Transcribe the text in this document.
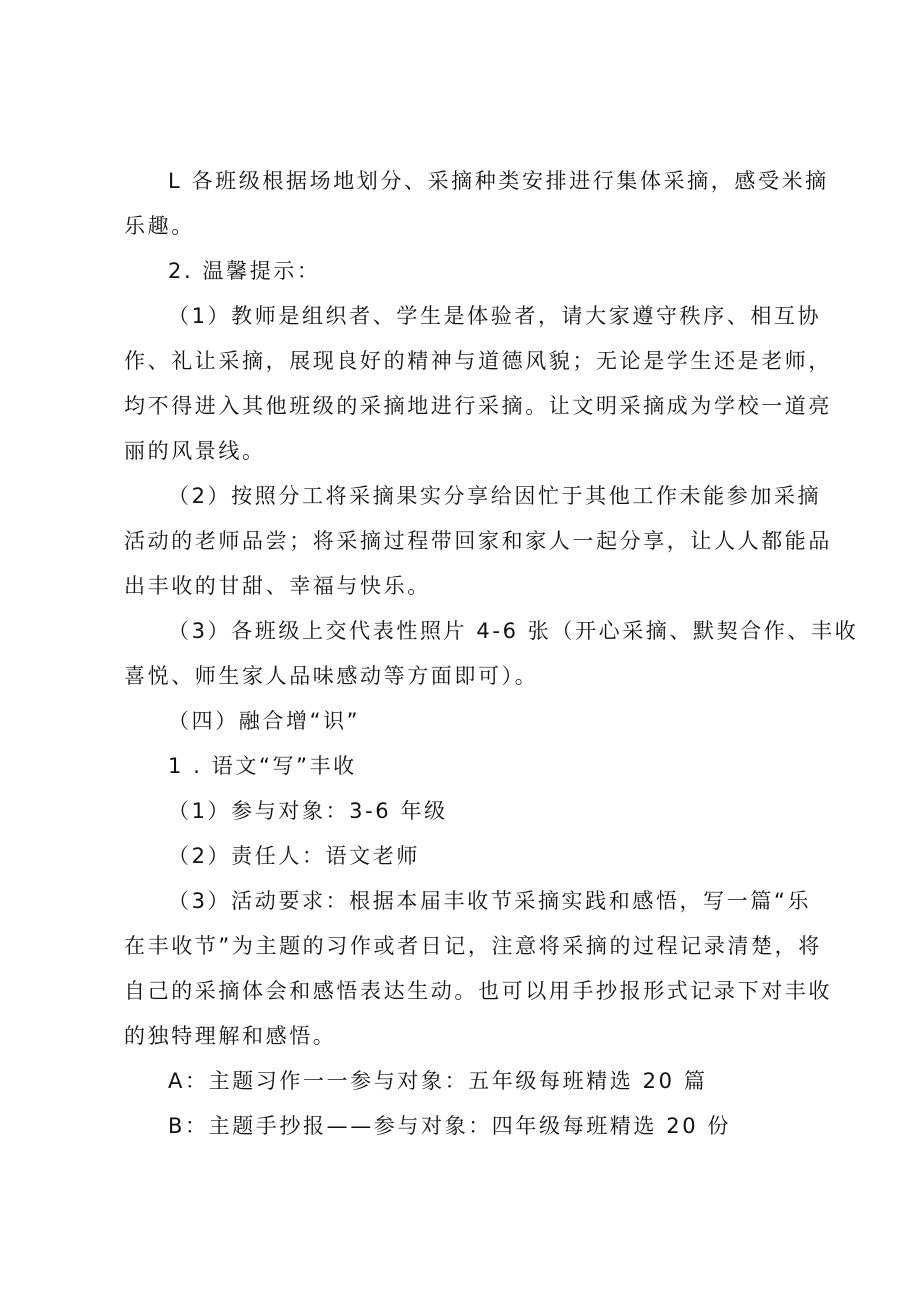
L 各班级根据场地划分、采摘种类安排进行集体采摘，感受米摘
乐趣。
2. 温馨提示：
（1）教师是组织者、学生是体验者，请大家遵守秩序、相互协
作、礼让采摘，展现良好的精神与道德风貌；无论是学生还是老师，
均不得进入其他班级的采摘地进行采摘。让文明采摘成为学校一道亮
丽的风景线。
（2）按照分工将采摘果实分享给因忙于其他工作未能参加采摘
活动的老师品尝；将采摘过程带回家和家人一起分享，让人人都能品
出丰收的甘甜、幸福与快乐。
（3）各班级上交代表性照片 4-6 张（开心采摘、默契合作、丰收
喜悦、师生家人品味感动等方面即可）。
（四）融合增“识”
1 . 语文“写”丰收
（1）参与对象：3-6 年级
（2）责任人：语文老师
（3）活动要求：根据本届丰收节采摘实践和感悟，写一篇“乐
在丰收节”为主题的习作或者日记，注意将采摘的过程记录清楚，将
自己的采摘体会和感悟表达生动。也可以用手抄报形式记录下对丰收
的独特理解和感悟。
A：主题习作一一参与对象：五年级每班精选 20 篇
B：主题手抄报——参与对象：四年级每班精选 20 份
